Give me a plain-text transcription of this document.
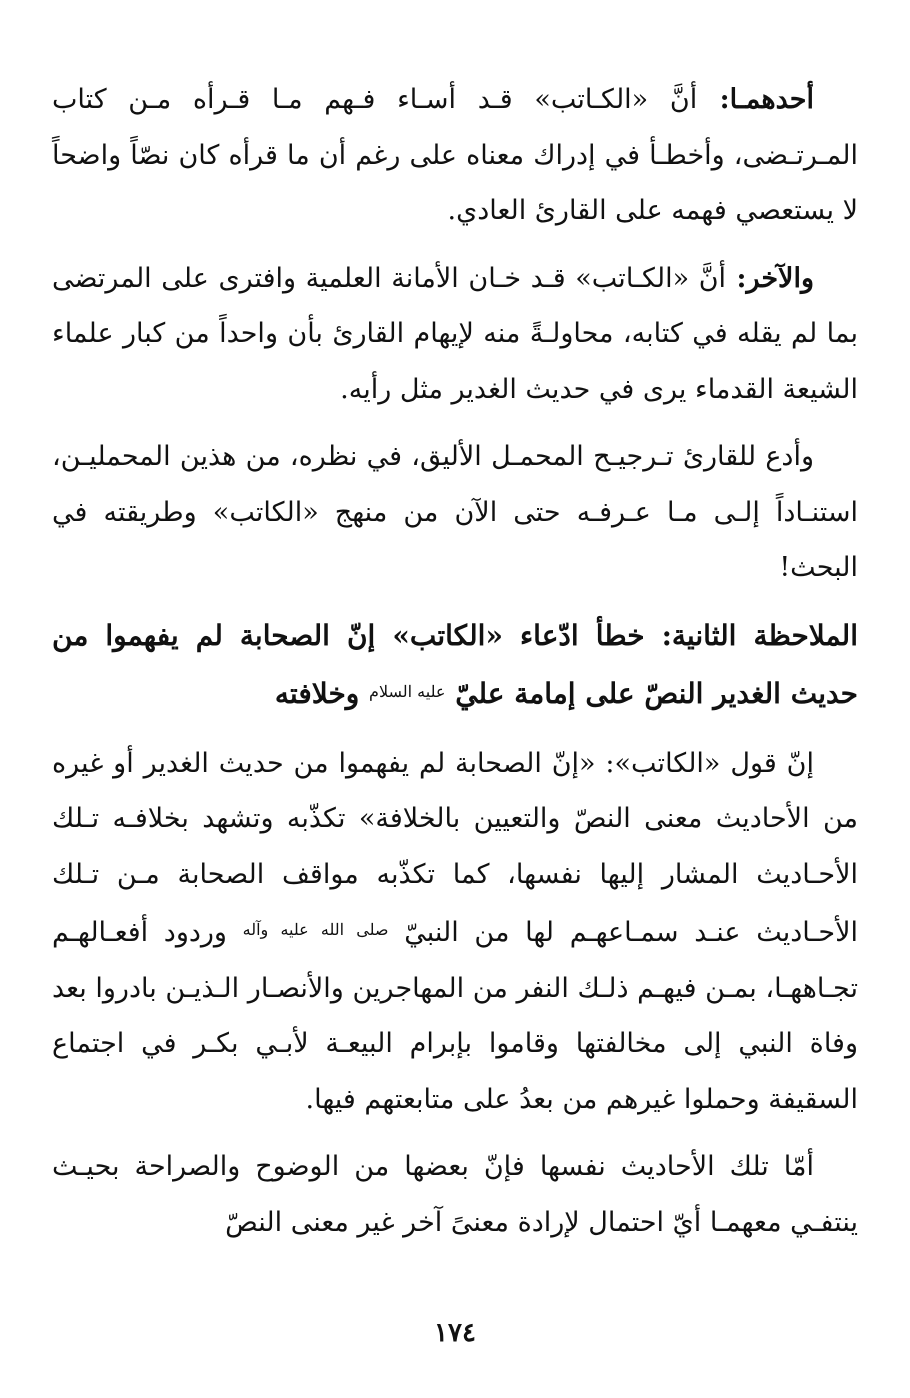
أحدهمـا: أنَّ «الكـاتب» قـد أسـاء فـهم مـا قـرأه مـن كتاب المـرتـضى، وأخطـأ في إدراك معناه على رغم أن ما قرأه كان نصّاً واضحاً لا يستعصي فهمه على القارئ العادي.

والآخر: أنَّ «الكـاتب» قـد خـان الأمانة العلمية وافترى على المرتضى بما لم يقله في كتابه، محاولـةً منه لإيهام القارئ بأن واحداً من كبار علماء الشيعة القدماء يرى في حديث الغدير مثل رأيه.

وأدع للقارئ تـرجيـح المحمـل الأليق، في نظره، من هذين المحمليـن، استنـاداً إلـى مـا عـرفـه حتى الآن من منهج «الكاتب» وطريقته في البحث!

الملاحظة الثانية: خطأ ادّعاء «الكاتب» إنّ الصحابة لم يفهموا من حديث الغدير النصّ على إمامة عليّ $^{عليه السلام}$ وخلافته

إنّ قول «الكاتب»: «إنّ الصحابة لم يفهموا من حديث الغدير أو غيره من الأحاديث معنى النصّ والتعيين بالخلافة» تكذّبه وتشهد بخلافـه تـلك الأحـاديث المشار إليها نفسها، كما تكذّبه مواقف الصحابة مـن تـلك الأحـاديث عنـد سمـاعهـم لها من النبيّ $^{صلى الله عليه وآله}$ وردود أفعـالهـم تجـاههـا، بمـن فيهـم ذلـك النفر من المهاجرين والأنصـار الـذيـن بادروا بعد وفاة النبي إلى مخالفتها وقاموا بإبرام البيعـة لأبـي بكـر في اجتماع السقيفة وحملوا غيرهم من بعدُ على متابعتهم فيها.

أمّا تلك الأحاديث نفسها فإنّ بعضها من الوضوح والصراحة بحيـث ينتفـي معهمـا أيّ احتمال لإرادة معنىً آخر غير معنى النصّ

١٧٤
